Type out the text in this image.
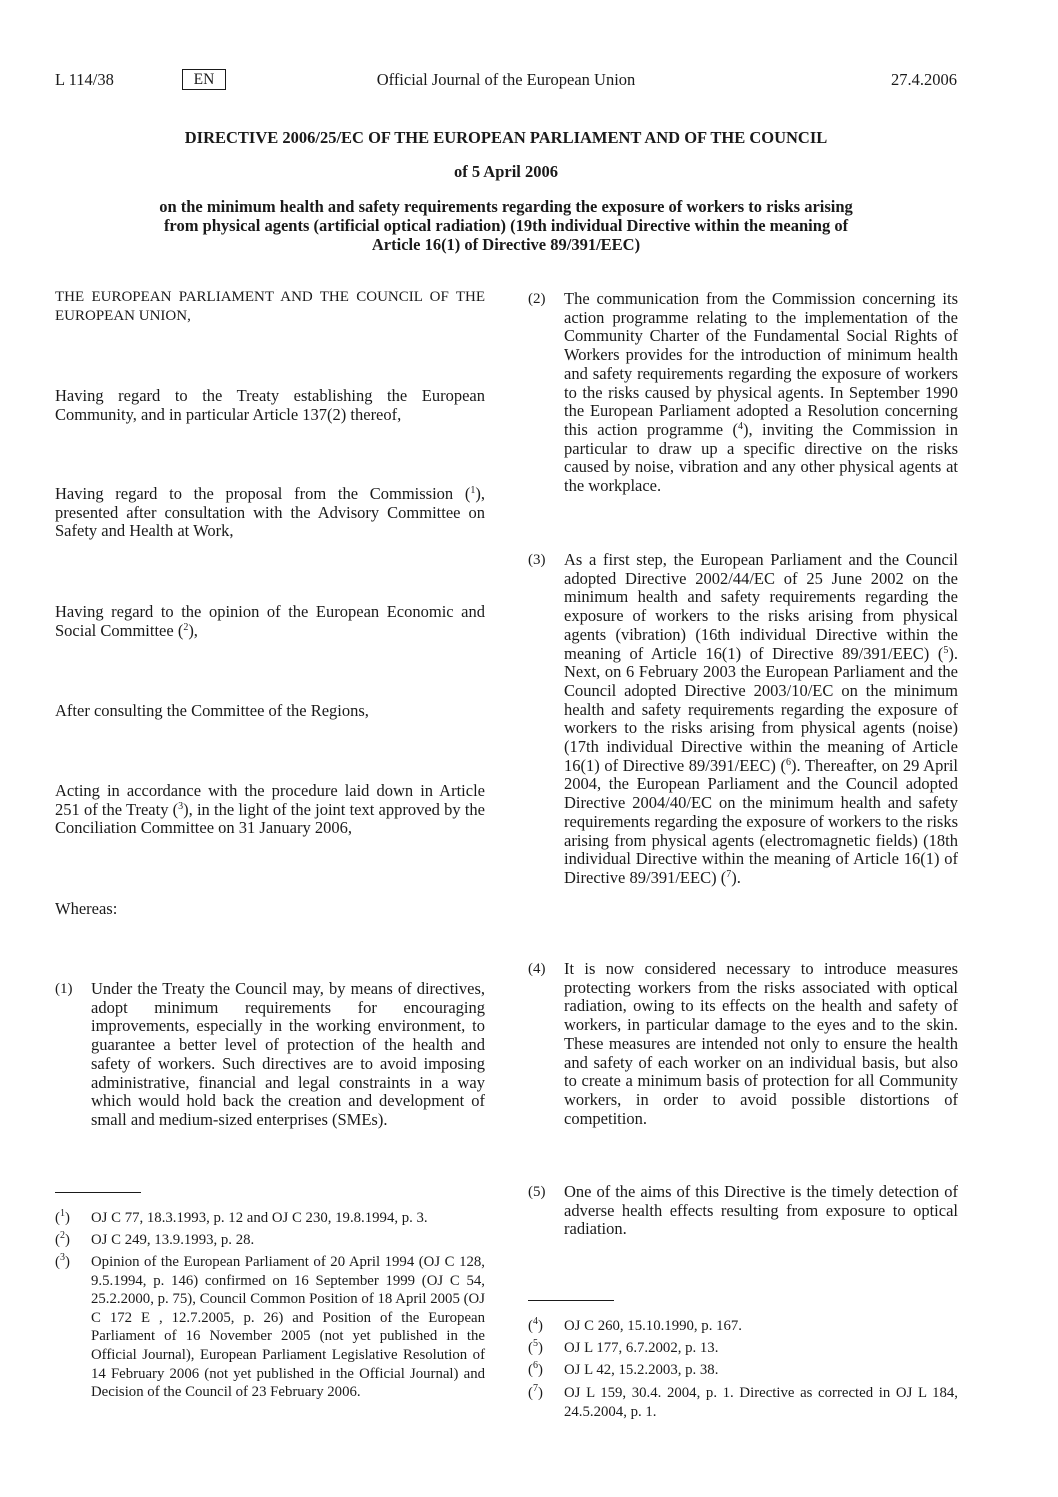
L 114/38	Official Journal of the European Union
EN	27.4.2006
DIRECTIVE 2006/25/EC OF THE EUROPEAN PARLIAMENT AND OF THE COUNCIL
of 5 April 2006
on the minimum health and safety requirements regarding the exposure of workers to risks arising from physical agents (artificial optical radiation) (19th individual Directive within the meaning of Article 16(1) of Directive 89/391/EEC)

THE EUROPEAN PARLIAMENT AND THE COUNCIL OF THE EUROPEAN UNION,

Having regard to the Treaty establishing the European Community, and in particular Article 137(2) thereof,

Having regard to the proposal from the Commission ($^1$), presented after consultation with the Advisory Committee on Safety and Health at Work,

Having regard to the opinion of the European Economic and Social Committee ($^2$),

After consulting the Committee of the Regions,

Acting in accordance with the procedure laid down in Article 251 of the Treaty ($^3$), in the light of the joint text approved by the Conciliation Committee on 31 January 2006,

Whereas:

(1)	Under the Treaty the Council may, by means of directives, adopt minimum requirements for encouraging improvements, especially in the working environment, to guarantee a better level of protection of the health and safety of workers. Such directives are to avoid imposing administrative, financial and legal constraints in a way which would hold back the creation and development of small and medium-sized enterprises (SMEs).

($^1$)	OJ C 77, 18.3.1993, p. 12 and OJ C 230, 19.8.1994, p. 3.

($^2$)	OJ C 249, 13.9.1993, p. 28.

($^3$)	Opinion of the European Parliament of 20 April 1994 (OJ C 128, 9.5.1994, p. 146) confirmed on 16 September 1999 (OJ C 54, 25.2.2000, p. 75), Council Common Position of 18 April 2005 (OJ C 172 E , 12.7.2005, p. 26) and Position of the European Parliament of 16 November 2005 (not yet published in the Official Journal), European Parliament Legislative Resolution of 14 February 2006 (not yet published in the Official Journal) and Decision of the Council of 23 February 2006.

(2)	The communication from the Commission concerning its action programme relating to the implementation of the Community Charter of the Fundamental Social Rights of Workers provides for the introduction of minimum health and safety requirements regarding the exposure of workers to the risks caused by physical agents. In September 1990 the European Parliament adopted a Resolution concerning this action programme ($^4$), inviting the Commission in particular to draw up a specific directive on the risks caused by noise, vibration and any other physical agents at the workplace.

(3)	As a first step, the European Parliament and the Council adopted Directive 2002/44/EC of 25 June 2002 on the minimum health and safety requirements regarding the exposure of workers to the risks arising from physical agents (vibration) (16th individual Directive within the meaning of Article 16(1) of Directive 89/391/EEC) ($^5$). Next, on 6 February 2003 the European Parliament and the Council adopted Directive 2003/10/EC on the minimum health and safety requirements regarding the exposure of workers to the risks arising from physical agents (noise) (17th individual Directive within the meaning of Article 16(1) of Directive 89/391/EEC) ($^6$). Thereafter, on 29 April 2004, the European Parliament and the Council adopted Directive 2004/40/EC on the minimum health and safety requirements regarding the exposure of workers to the risks arising from physical agents (electromagnetic fields) (18th individual Directive within the meaning of Article 16(1) of Directive 89/391/EEC) ($^7$).

(4)	It is now considered necessary to introduce measures protecting workers from the risks associated with optical radiation, owing to its effects on the health and safety of workers, in particular damage to the eyes and to the skin. These measures are intended not only to ensure the health and safety of each worker on an individual basis, but also to create a minimum basis of protection for all Community workers, in order to avoid possible distortions of competition.

(5)	One of the aims of this Directive is the timely detection of adverse health effects resulting from exposure to optical radiation.

($^4$)	OJ C 260, 15.10.1990, p. 167.

($^5$)	OJ L 177, 6.7.2002, p. 13.

($^6$)	OJ L 42, 15.2.2003, p. 38.

($^7$)	OJ L 159, 30.4. 2004, p. 1. Directive as corrected in OJ L 184, 24.5.2004, p. 1.
